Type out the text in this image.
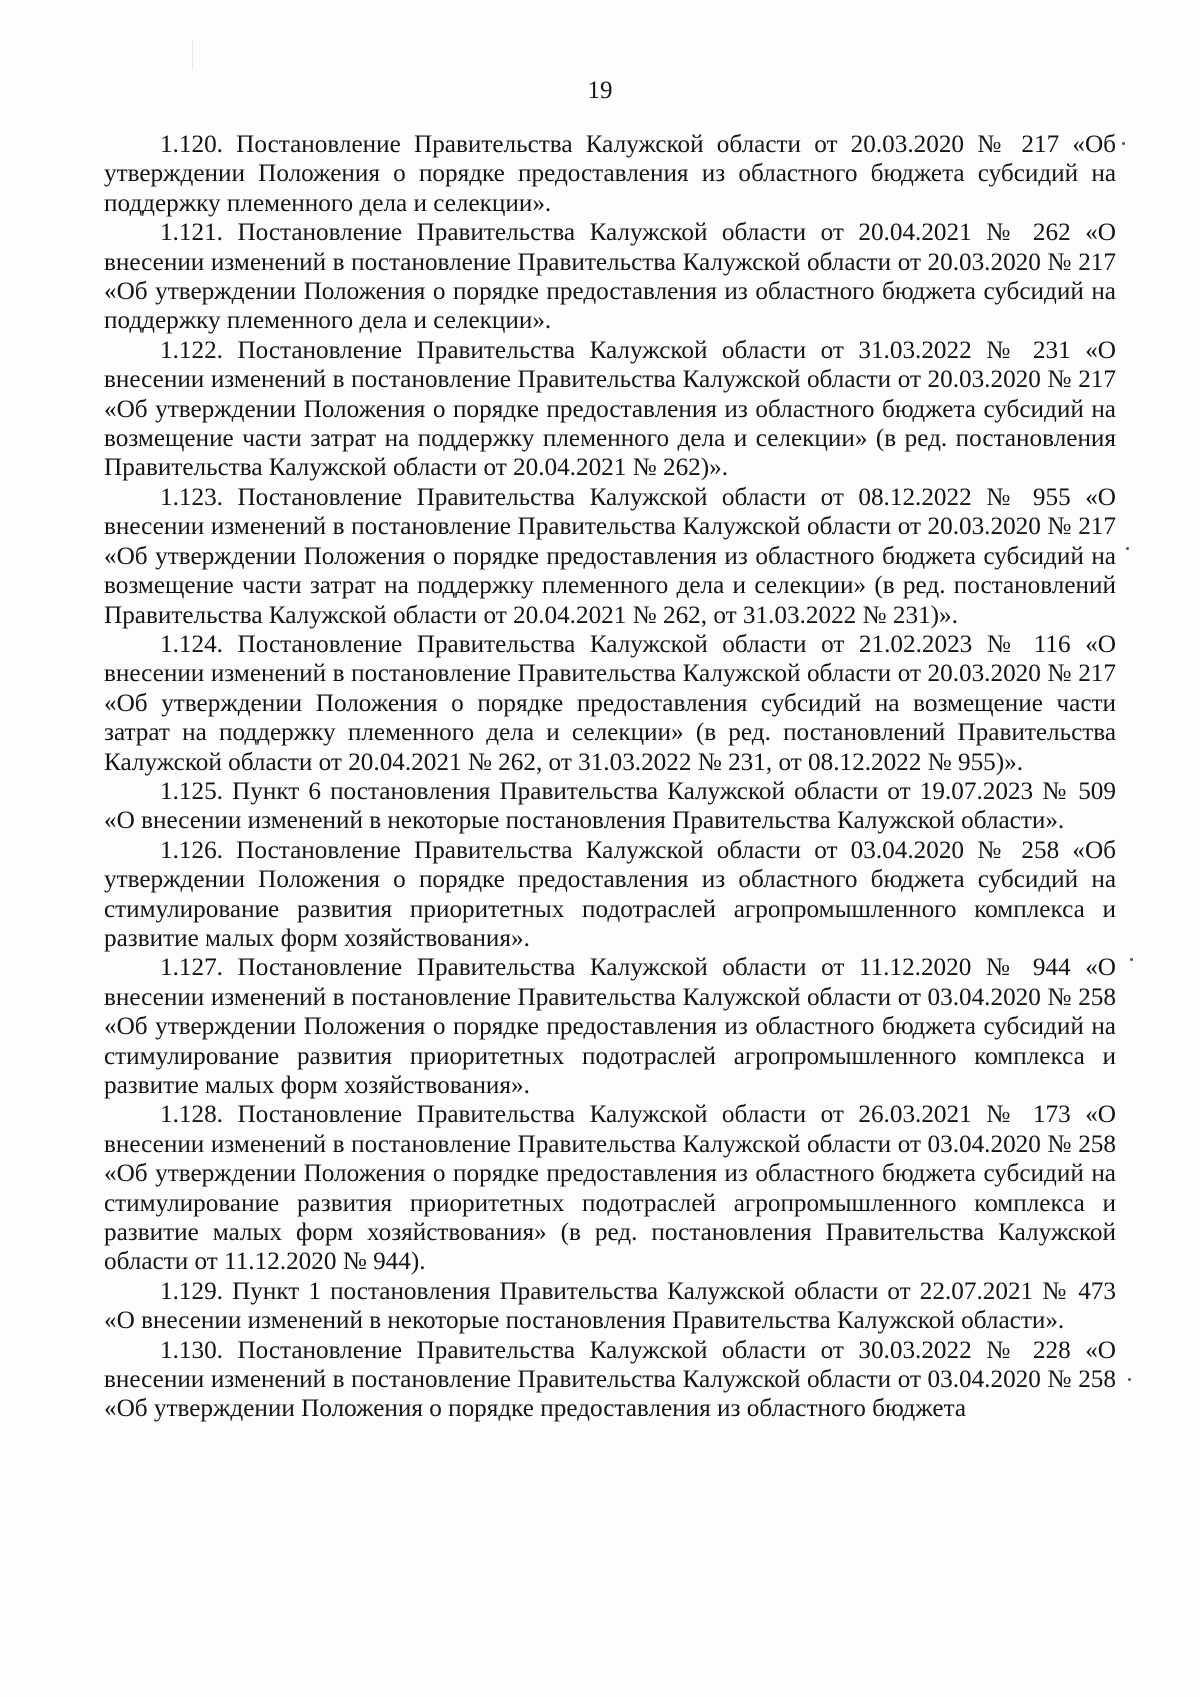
19

1.120. Постановление Правительства Калужской области от 20.03.2020 № 217 «Об утверждении Положения о порядке предоставления из областного бюджета субсидий на поддержку племенного дела и селекции».

1.121. Постановление Правительства Калужской области от 20.04.2021 № 262 «О внесении изменений в постановление Правительства Калужской области от 20.03.2020 № 217 «Об утверждении Положения о порядке предоставления из областного бюджета субсидий на поддержку племенного дела и селекции».

1.122. Постановление Правительства Калужской области от 31.03.2022 № 231 «О внесении изменений в постановление Правительства Калужской области от 20.03.2020 № 217 «Об утверждении Положения о порядке предоставления из областного бюджета субсидий на возмещение части затрат на поддержку племенного дела и селекции» (в ред. постановления Правительства Калужской области от 20.04.2021 № 262)».

1.123. Постановление Правительства Калужской области от 08.12.2022 № 955 «О внесении изменений в постановление Правительства Калужской области от 20.03.2020 № 217 «Об утверждении Положения о порядке предоставления из областного бюджета субсидий на возмещение части затрат на поддержку племенного дела и селекции» (в ред. постановлений Правительства Калужской области от 20.04.2021 № 262, от 31.03.2022 № 231)».

1.124. Постановление Правительства Калужской области от 21.02.2023 № 116 «О внесении изменений в постановление Правительства Калужской области от 20.03.2020 № 217 «Об утверждении Положения о порядке предоставления субсидий на возмещение части затрат на поддержку племенного дела и селекции» (в ред. постановлений Правительства Калужской области от 20.04.2021 № 262, от 31.03.2022 № 231, от 08.12.2022 № 955)».

1.125. Пункт 6 постановления Правительства Калужской области от 19.07.2023 № 509 «О внесении изменений в некоторые постановления Правительства Калужской области».

1.126. Постановление Правительства Калужской области от 03.04.2020 № 258 «Об утверждении Положения о порядке предоставления из областного бюджета субсидий на стимулирование развития приоритетных подотраслей агропромышленного комплекса и развитие малых форм хозяйствования».

1.127. Постановление Правительства Калужской области от 11.12.2020 № 944 «О внесении изменений в постановление Правительства Калужской области от 03.04.2020 № 258 «Об утверждении Положения о порядке предоставления из областного бюджета субсидий на стимулирование развития приоритетных подотраслей агропромышленного комплекса и развитие малых форм хозяйствования».

1.128. Постановление Правительства Калужской области от 26.03.2021 № 173 «О внесении изменений в постановление Правительства Калужской области от 03.04.2020 № 258 «Об утверждении Положения о порядке предоставления из областного бюджета субсидий на стимулирование развития приоритетных подотраслей агропромышленного комплекса и развитие малых форм хозяйствования» (в ред. постановления Правительства Калужской области от 11.12.2020 № 944).

1.129. Пункт 1 постановления Правительства Калужской области от 22.07.2021 № 473 «О внесении изменений в некоторые постановления Правительства Калужской области».

1.130. Постановление Правительства Калужской области от 30.03.2022 № 228 «О внесении изменений в постановление Правительства Калужской области от 03.04.2020 № 258 «Об утверждении Положения о порядке предоставления из областного бюджета
